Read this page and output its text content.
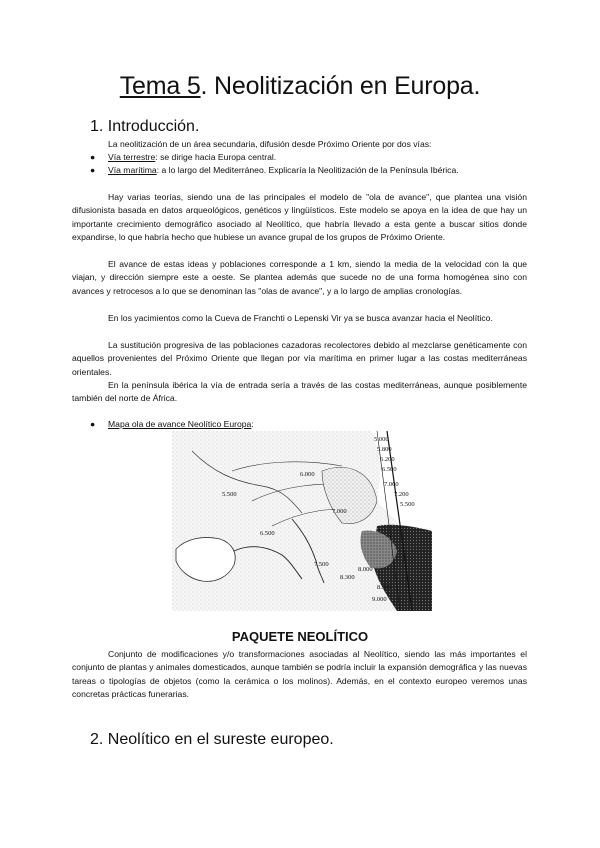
Tema 5. Neolitización en Europa.
1. Introducción.

La neolitización de un área secundaria, difusión desde Próximo Oriente por dos vías:

● Vía terrestre: se dirige hacia Europa central.
● Vía marítima: a lo largo del Mediterráneo. Explicaría la Neolitización de la Península Ibérica.

Hay varias teorías, siendo una de las principales el modelo de "ola de avance", que plantea una visión difusionista basada en datos arqueológicos, genéticos y lingüísticos. Este modelo se apoya en la idea de que hay un importante crecimiento demográfico asociado al Neolítico, que habría llevado a esta gente a buscar sitios donde expandirse, lo que habría hecho que hubiese un avance grupal de los grupos de Próximo Oriente.

El avance de estas ideas y poblaciones corresponde a 1 km, siendo la media de la velocidad con la que viajan, y dirección siempre este a oeste. Se plantea además que sucede no de una forma homogénea sino con avances y retrocesos a lo que se denominan las "olas de avance", y a lo largo de amplias cronologías.

En los yacimientos como la Cueva de Franchti o Lepenski Vir ya se busca avanzar hacia el Neolítico.

La sustitución progresiva de las poblaciones cazadoras recolectores debido al mezclarse genéticamente con aquellos provenientes del Próximo Oriente que llegan por vía marítima en primer lugar a las costas mediterráneas orientales.

En la península ibérica la vía de entrada sería a través de las costas mediterráneas, aunque posiblemente también del norte de África.

● Mapa ola de avance Neolítico Europa:
5.000
5.800
6.200
6.500
7.000
7.200
5.500
5.500
6.000
6.500
7.000
7.500
8.000
8.300
8.500
9.000
PAQUETE NEOLÍTICO

Conjunto de modificaciones y/o transformaciones asociadas al Neolítico, siendo las más importantes el conjunto de plantas y animales domesticados, aunque también se podría incluir la expansión demográfica y las nuevas tareas o tipologías de objetos (como la cerámica o los molinos). Además, en el contexto europeo veremos unas concretas prácticas funerarias.

2. Neolítico en el sureste europeo.
